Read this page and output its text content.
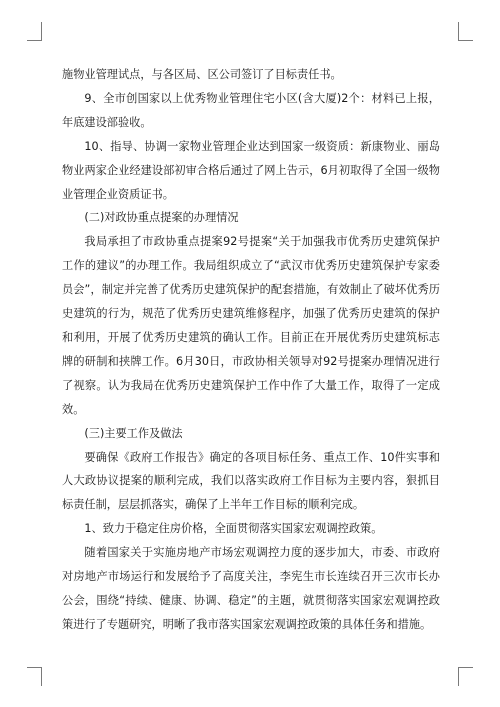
施物业管理试点，与各区局、区公司签订了目标责任书。

9、全市创国家以上优秀物业管理住宅小区(含大厦)2个：材料已上报，年底建设部验收。

10、指导、协调一家物业管理企业达到国家一级资质：新康物业、丽岛物业两家企业经建设部初审合格后通过了网上告示，6月初取得了全国一级物业管理企业资质证书。

(二)对政协重点提案的办理情况

我局承担了市政协重点提案92号提案“关于加强我市优秀历史建筑保护工作的建议”的办理工作。我局组织成立了“武汉市优秀历史建筑保护专家委员会”，制定并完善了优秀历史建筑保护的配套措施，有效制止了破坏优秀历史建筑的行为，规范了优秀历史建筑维修程序，加强了优秀历史建筑的保护和利用，开展了优秀历史建筑的确认工作。目前正在开展优秀历史建筑标志牌的研制和挟牌工作。6月30日，市政协相关领导对92号提案办理情况进行了视察。认为我局在优秀历史建筑保护工作中作了大量工作，取得了一定成效。

(三)主要工作及做法

要确保《政府工作报告》确定的各项目标任务、重点工作、10件实事和人大政协议提案的顺利完成，我们以落实政府工作目标为主要内容，狠抓目标责任制，层层抓落实，确保了上半年工作目标的顺利完成。

1、致力于稳定住房价格，全面贯彻落实国家宏观调控政策。

随着国家关于实施房地产市场宏观调控力度的逐步加大，市委、市政府对房地产市场运行和发展给予了高度关注，李宪生市长连续召开三次市长办公会，围绕“持续、健康、协调、稳定”的主题，就贯彻落实国家宏观调控政策进行了专题研究，明晰了我市落实国家宏观调控政策的具体任务和措施。
